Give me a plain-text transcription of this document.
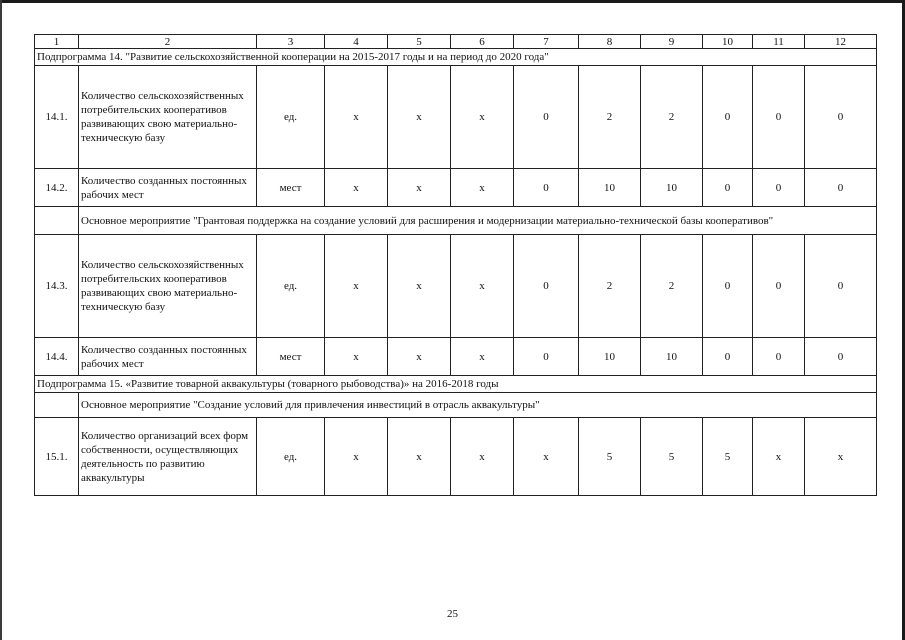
1	2	3	4	5	6	7	8	9	10	11	12
Подпрограмма 14. "Развитие сельскохозяйственной кооперации на 2015-2017 годы и на период до 2020 года"											
14.1.	Количество сельскохозяйственных потребительских кооперативов развивающих свою материально-техническую базу	ед.	x	x	x	0	2	2	0	0	0
14.2.	Количество созданных постоянных рабочих мест	мест	x	x	x	0	10	10	0	0	0
	Основное мероприятие "Грантовая поддержка на создание условий для расширения и модернизации материально-технической базы кооперативов"										
14.3.	Количество сельскохозяйственных потребительских кооперативов развивающих свою материально-техническую базу	ед.	x	x	x	0	2	2	0	0	0
14.4.	Количество созданных постоянных рабочих мест	мест	x	x	x	0	10	10	0	0	0
Подпрограмма 15. «Развитие товарной аквакультуры (товарного рыбоводства)» на 2016-2018 годы											
	Основное мероприятие "Создание условий для привлечения инвестиций в отрасль аквакультуры"										
15.1.	Количество организаций всех форм собственности, осуществляющих деятельность по развитию аквакультуры	ед.	x	x	x	x	5	5	5	x	x
25
